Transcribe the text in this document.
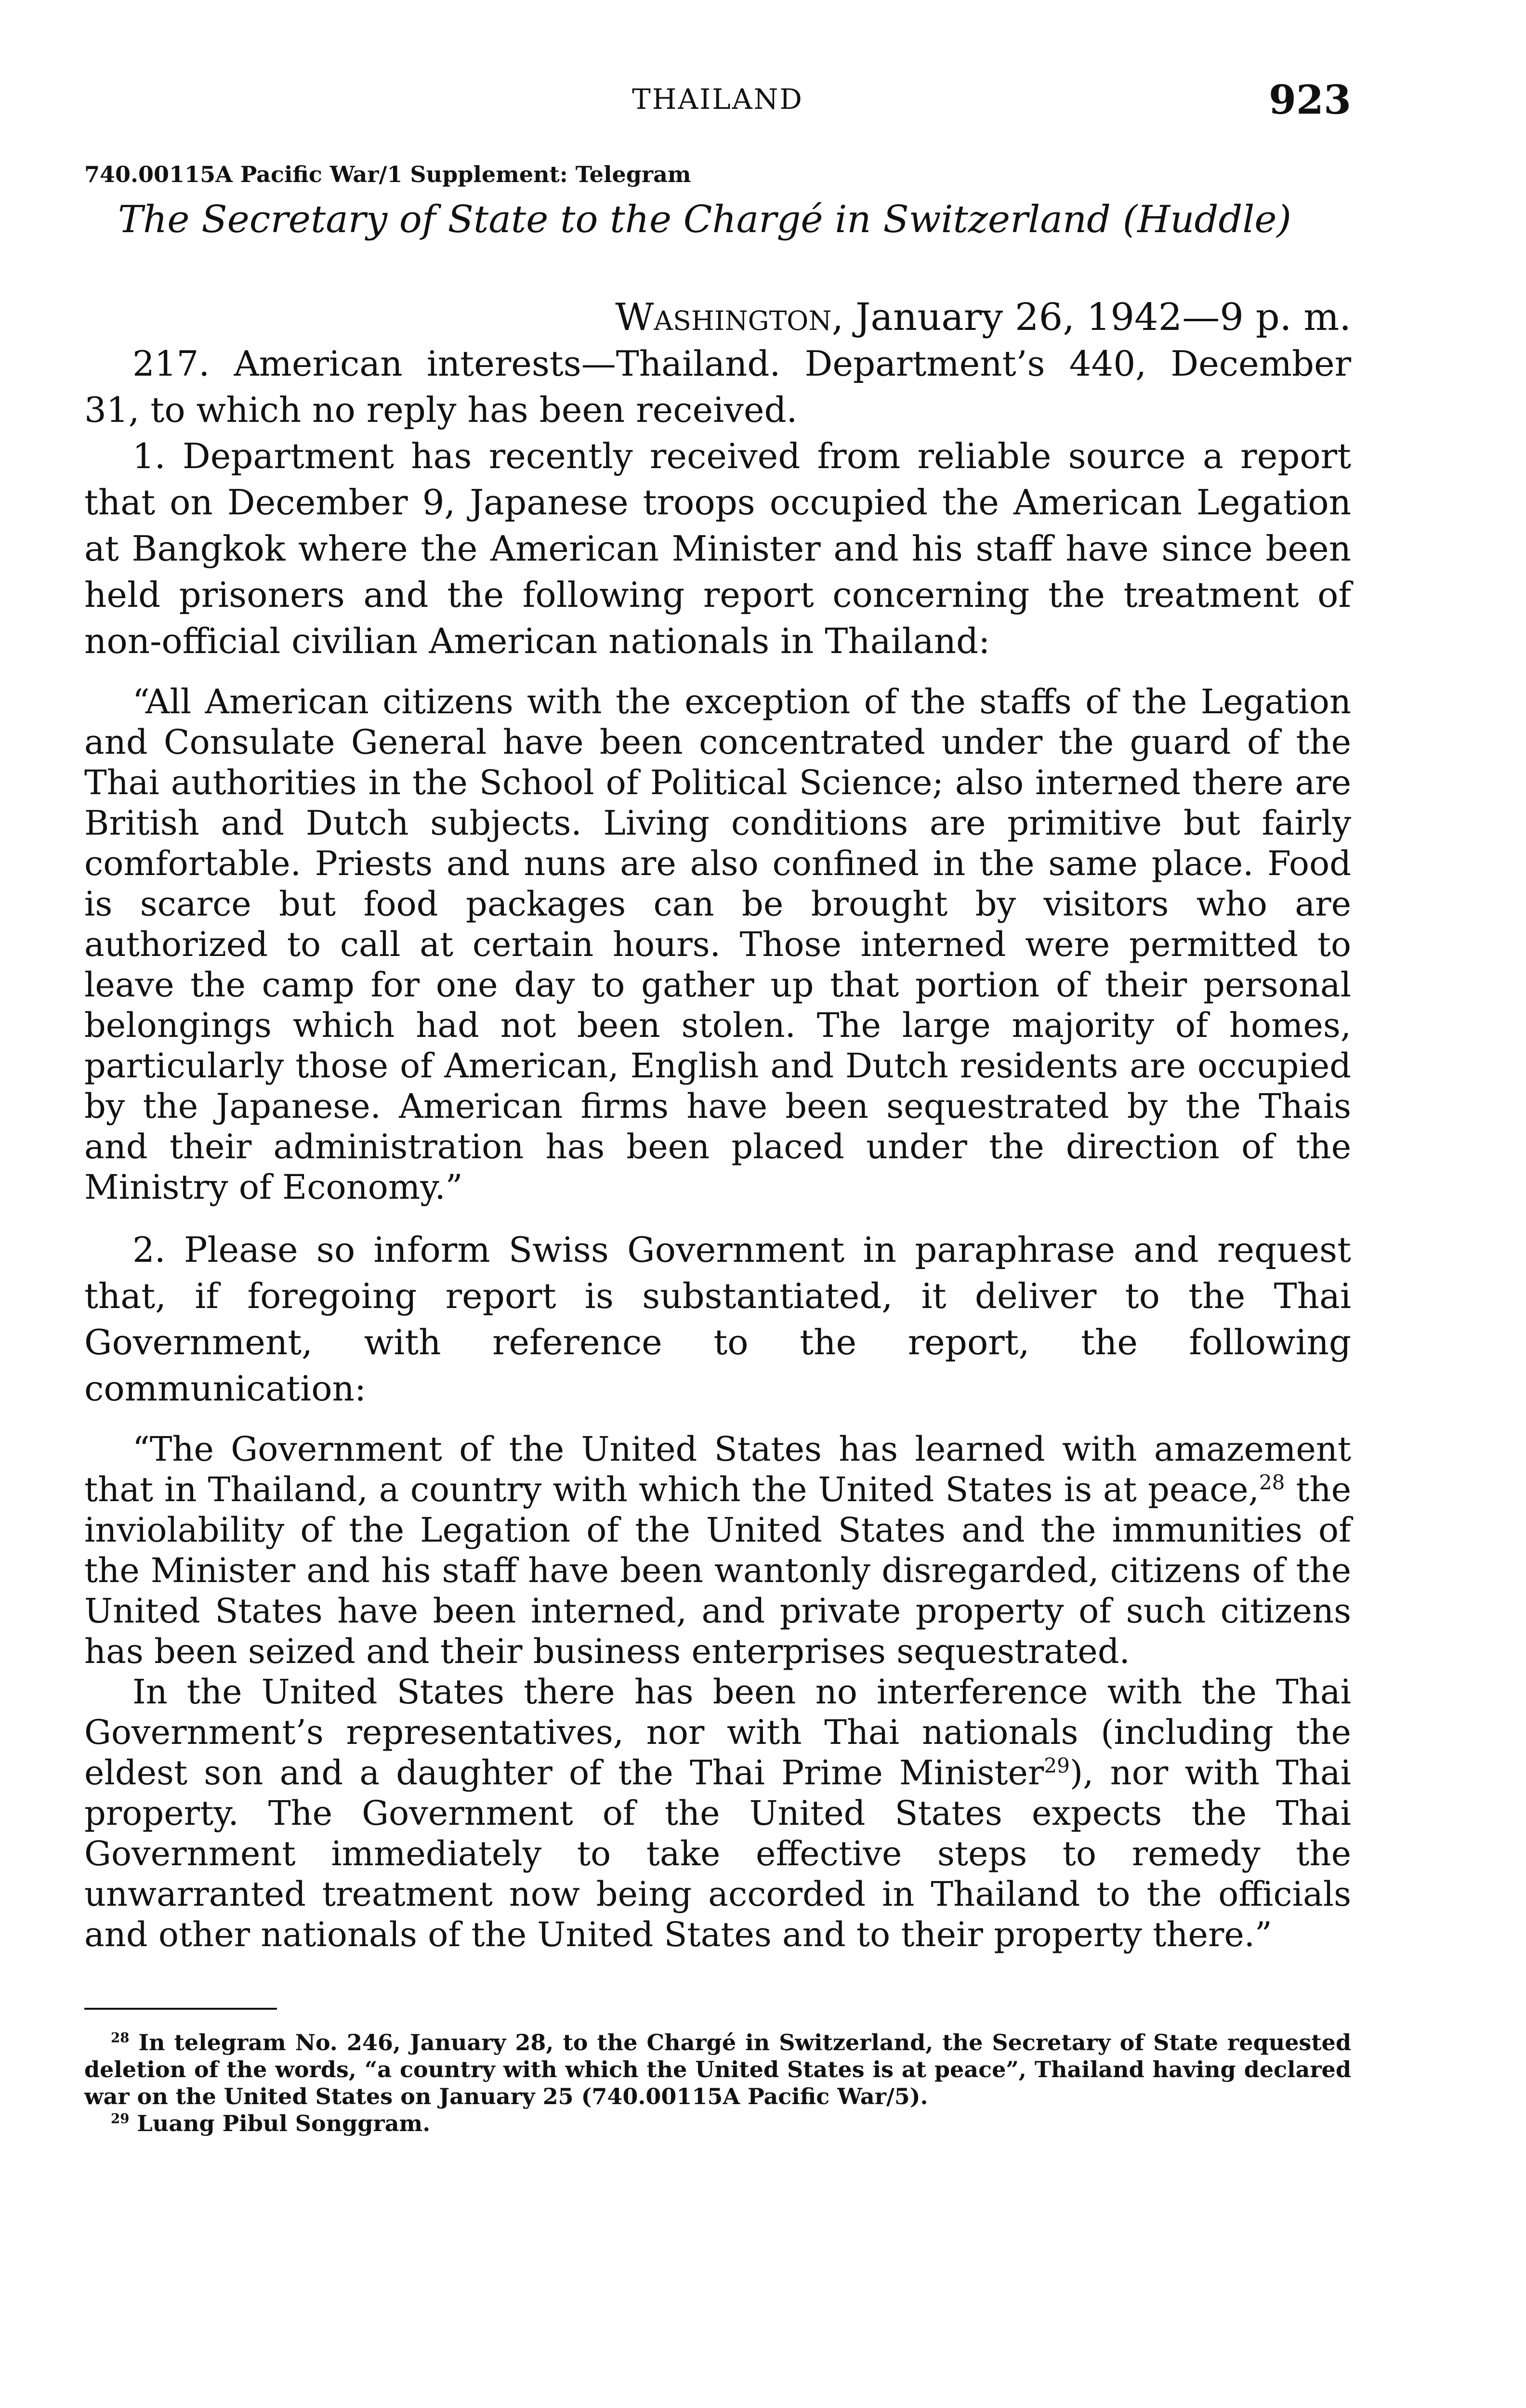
THAILAND	923
740.00115A Pacific War/1 Supplement: Telegram
The Secretary of State to the Chargé in Switzerland (Huddle)
Washington, January 26, 1942—9 p. m.

217. American interests—Thailand. Department’s 440, December 31, to which no reply has been received.

1. Department has recently received from reliable source a report that on December 9, Japanese troops occupied the American Legation at Bangkok where the American Minister and his staff have since been held prisoners and the following report concerning the treatment of non-official civilian American nationals in Thailand:

“All American citizens with the exception of the staffs of the Legation and Consulate General have been concentrated under the guard of the Thai authorities in the School of Political Science; also interned there are British and Dutch subjects. Living conditions are primitive but fairly comfortable. Priests and nuns are also confined in the same place. Food is scarce but food packages can be brought by visitors who are authorized to call at certain hours. Those interned were permitted to leave the camp for one day to gather up that portion of their personal belongings which had not been stolen. The large majority of homes, particularly those of American, English and Dutch residents are occupied by the Japanese. American firms have been sequestrated by the Thais and their administration has been placed under the direction of the Ministry of Economy.”

2. Please so inform Swiss Government in paraphrase and request that, if foregoing report is substantiated, it deliver to the Thai Government, with reference to the report, the following communication:

“The Government of the United States has learned with amazement that in Thailand, a country with which the United States is at peace,$^{28}$ the inviolability of the Legation of the United States and the immunities of the Minister and his staff have been wantonly disregarded, citizens of the United States have been interned, and private property of such citizens has been seized and their business enterprises sequestrated.

In the United States there has been no interference with the Thai Government’s representatives, nor with Thai nationals (including the eldest son and a daughter of the Thai Prime Minister$^{29}$), nor with Thai property. The Government of the United States expects the Thai Government immediately to take effective steps to remedy the unwarranted treatment now being accorded in Thailand to the officials and other nationals of the United States and to their property there.”

$^{28}$ In telegram No. 246, January 28, to the Chargé in Switzerland, the Secretary of State requested deletion of the words, “a country with which the United States is at peace”, Thailand having declared war on the United States on January 25 (740.00115A Pacific War/5).

$^{29}$ Luang Pibul Songgram.
